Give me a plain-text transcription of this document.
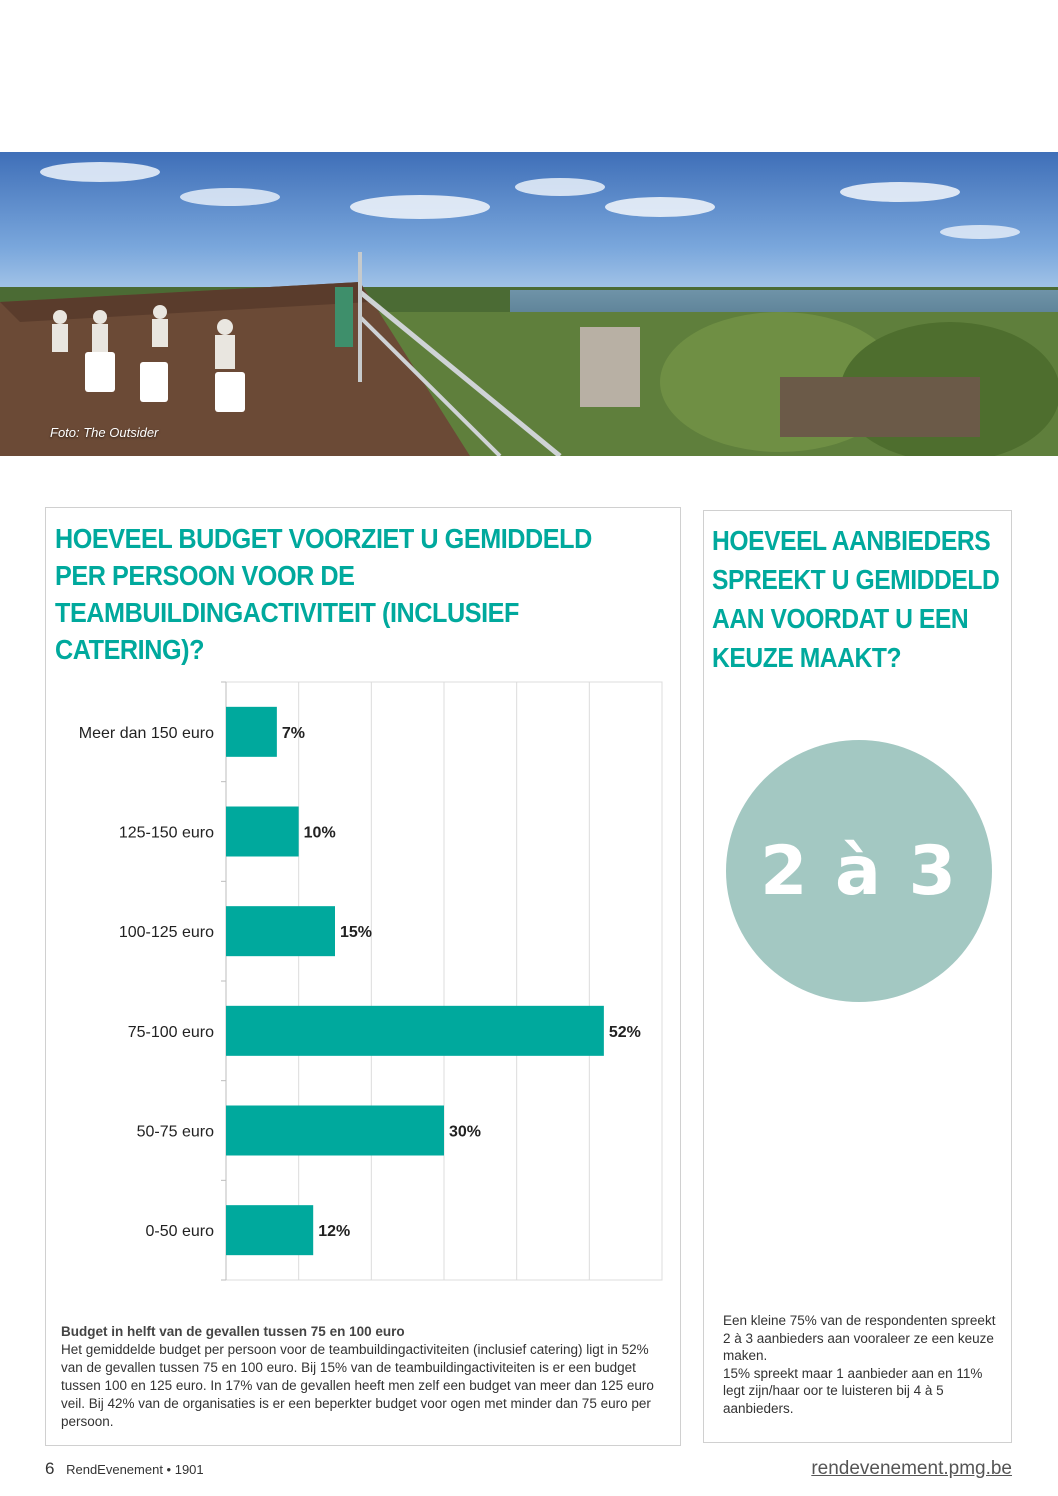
Foto: The Outsider
HOEVEEL BUDGET VOORZIET U GEMIDDELD PER PERSOON VOOR DE TEAMBUILDINGACTIVITEIT (INCLUSIEF CATERING)?
Meer dan 150 euro	7%
125-150 euro	10%
100-125 euro	15%
75-100 euro	52%
50-75 euro	30%
0-50 euro	12%
Budget in helft van de gevallen tussen 75 en 100 euro
Het gemiddelde budget per persoon voor de teambuildingactiviteiten (inclusief catering) ligt in 52% van de gevallen tussen 75 en 100 euro. Bij 15% van de teambuildingactiviteiten is er een budget tussen 100 en 125 euro. In 17% van de gevallen heeft men zelf een budget van meer dan 125 euro veil. Bij 42% van de organisaties is er een beperkter budget voor ogen met minder dan 75 euro per persoon.
HOEVEEL AANBIEDERS SPREEKT U GEMIDDELD AAN VOORDAT U EEN KEUZE MAAKT?
2 à 3

Een kleine 75% van de respondenten spreekt 2 à 3 aanbieders aan vooraleer ze een keuze maken.

15% spreekt maar 1 aanbieder aan en 11% legt zijn/haar oor te luisteren bij 4 à 5 aanbieders.

6 RendEvenement • 1901	rendevenement.pmg.be
